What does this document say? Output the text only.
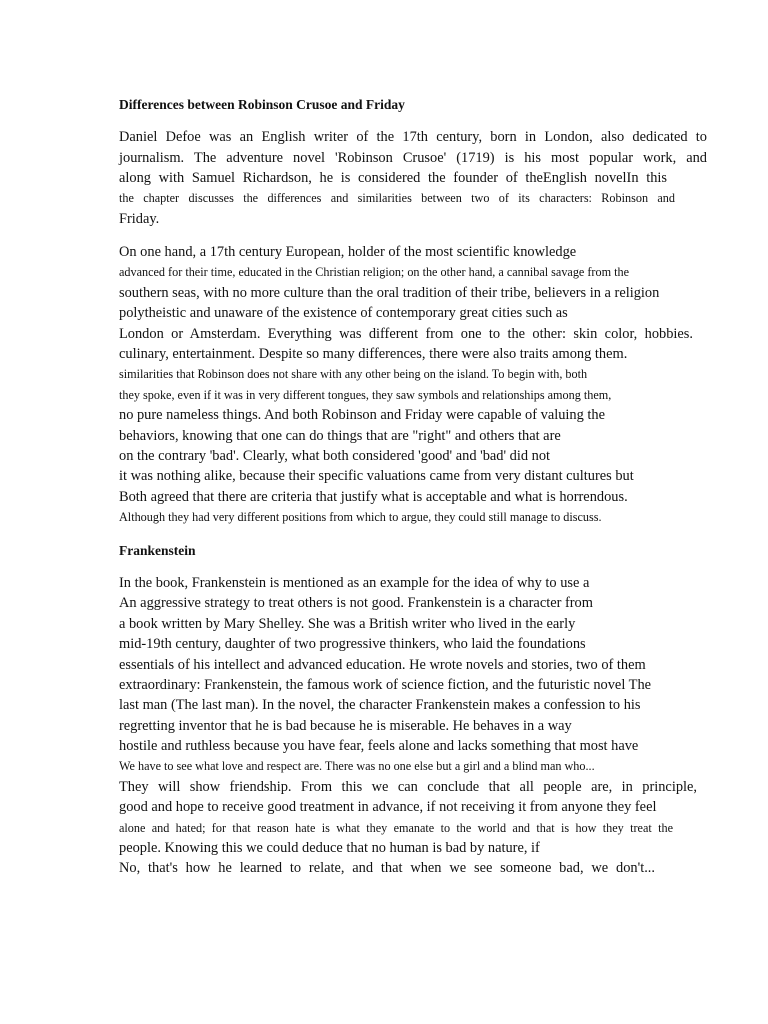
Differences between Robinson Crusoe and Friday
Daniel Defoe was an English writer of the 17th century, born in London, also dedicated to
journalism. The adventure novel 'Robinson Crusoe' (1719) is his most popular work, and
along with Samuel Richardson, he is considered the founder of theEnglish novelIn this
the chapter discusses the differences and similarities between two of its characters: Robinson and
Friday.
On one hand, a 17th century European, holder of the most scientific knowledge
advanced for their time, educated in the Christian religion; on the other hand, a cannibal savage from the
southern seas, with no more culture than the oral tradition of their tribe, believers in a religion
polytheistic and unaware of the existence of contemporary great cities such as
London or Amsterdam. Everything was different from one to the other: skin color, hobbies.
culinary, entertainment. Despite so many differences, there were also traits among them.
similarities that Robinson does not share with any other being on the island. To begin with, both
they spoke, even if it was in very different tongues, they saw symbols and relationships among them,
no pure nameless things. And both Robinson and Friday were capable of valuing the
behaviors, knowing that one can do things that are "right" and others that are
on the contrary 'bad'. Clearly, what both considered 'good' and 'bad' did not
it was nothing alike, because their specific valuations came from very distant cultures but
Both agreed that there are criteria that justify what is acceptable and what is horrendous.
Although they had very different positions from which to argue, they could still manage to discuss.
Frankenstein
In the book, Frankenstein is mentioned as an example for the idea of why to use a
An aggressive strategy to treat others is not good. Frankenstein is a character from
a book written by Mary Shelley. She was a British writer who lived in the early
mid-19th century, daughter of two progressive thinkers, who laid the foundations
essentials of his intellect and advanced education. He wrote novels and stories, two of them
extraordinary: Frankenstein, the famous work of science fiction, and the futuristic novel The
last man (The last man). In the novel, the character Frankenstein makes a confession to his
regretting inventor that he is bad because he is miserable. He behaves in a way
hostile and ruthless because you have fear, feels alone and lacks something that most have
We have to see what love and respect are. There was no one else but a girl and a blind man who...
They will show friendship. From this we can conclude that all people are, in principle,
good and hope to receive good treatment in advance, if not receiving it from anyone they feel
alone and hated; for that reason hate is what they emanate to the world and that is how they treat the
people. Knowing this we could deduce that no human is bad by nature, if
No, that's how he learned to relate, and that when we see someone bad, we don't...
